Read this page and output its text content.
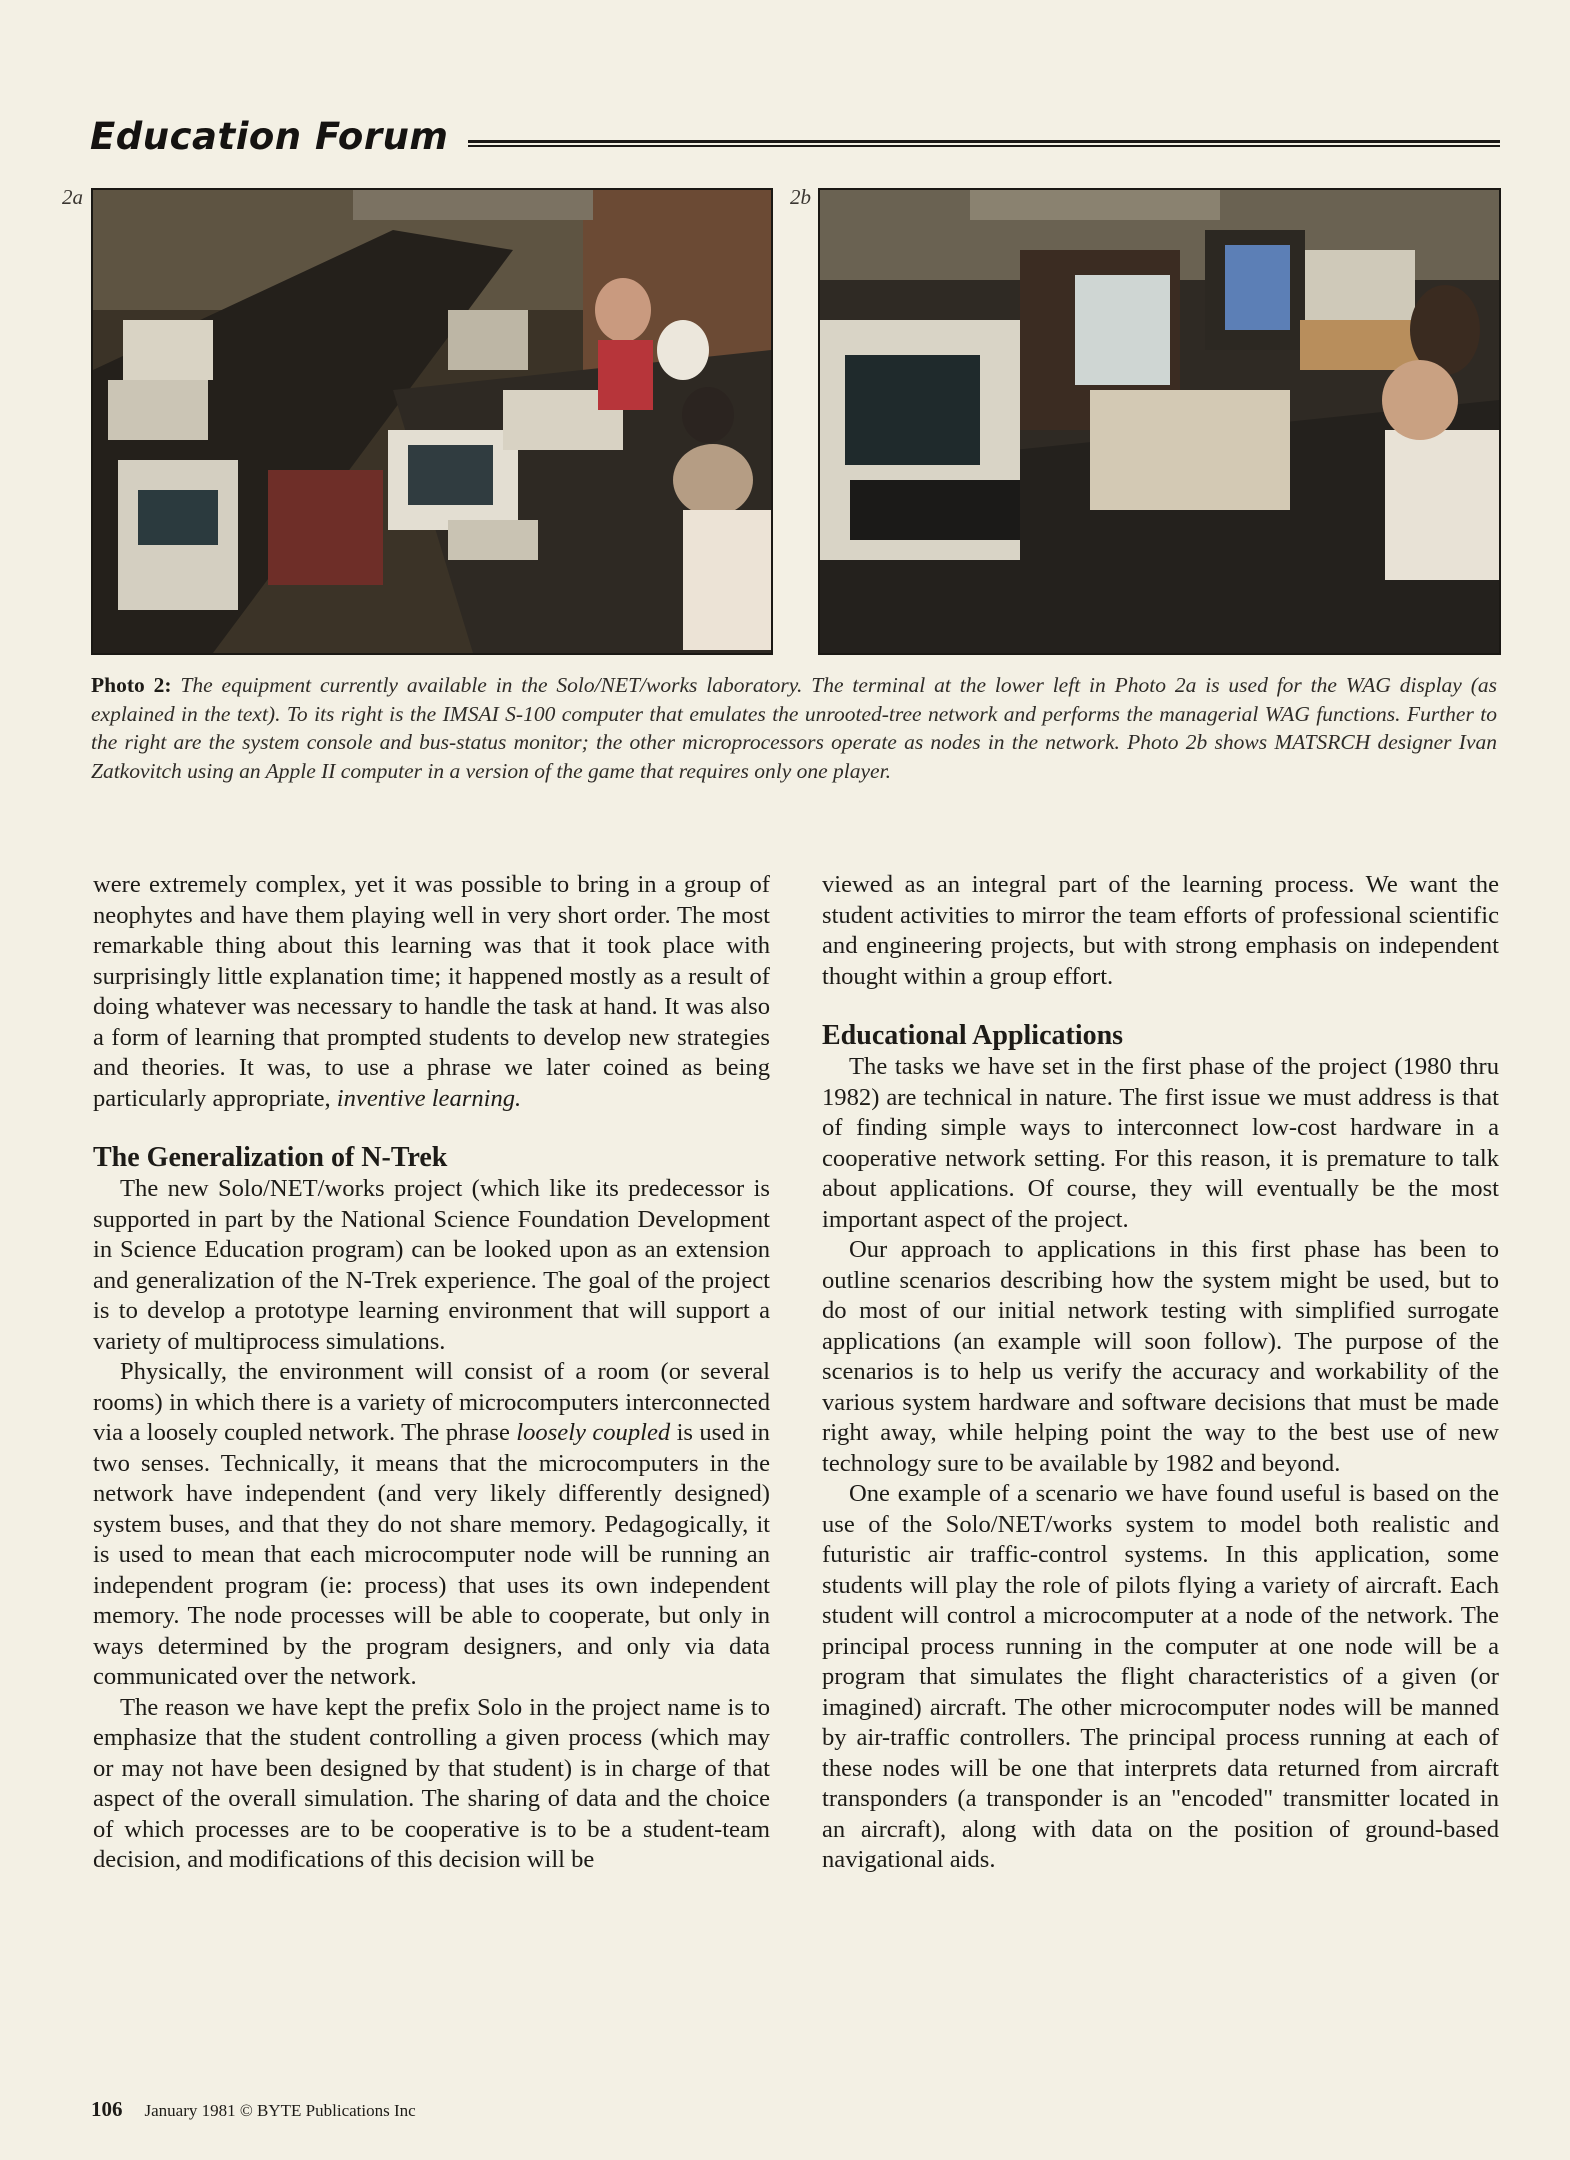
Education Forum
2a	2b
Photo 2: The equipment currently available in the Solo/NET/works laboratory. The terminal at the lower left in Photo 2a is used for the WAG display (as explained in the text). To its right is the IMSAI S-100 computer that emulates the unrooted-tree network and performs the managerial WAG functions. Further to the right are the system console and bus-status monitor; the other microprocessors operate as nodes in the network. Photo 2b shows MATSRCH designer Ivan Zatkovitch using an Apple II computer in a version of the game that requires only one player.

were extremely complex, yet it was possible to bring in a group of neophytes and have them playing well in very short order. The most remarkable thing about this learning was that it took place with surprisingly little explanation time; it happened mostly as a result of doing whatever was necessary to handle the task at hand. It was also a form of learning that prompted students to develop new strategies and theories. It was, to use a phrase we later coined as being particularly appropriate, inventive learning.

The Generalization of N-Trek

The new Solo/NET/works project (which like its predecessor is supported in part by the National Science Foundation Development in Science Education program) can be looked upon as an extension and generalization of the N-Trek experience. The goal of the project is to develop a prototype learning environment that will support a variety of multiprocess simulations.

Physically, the environment will consist of a room (or several rooms) in which there is a variety of microcomputers interconnected via a loosely coupled network. The phrase loosely coupled is used in two senses. Technically, it means that the microcomputers in the network have independent (and very likely differently designed) system buses, and that they do not share memory. Pedagogically, it is used to mean that each microcomputer node will be running an independent program (ie: process) that uses its own independent memory. The node processes will be able to cooperate, but only in ways determined by the program designers, and only via data communicated over the network.

The reason we have kept the prefix Solo in the project name is to emphasize that the student controlling a given process (which may or may not have been designed by that student) is in charge of that aspect of the overall simulation. The sharing of data and the choice of which processes are to be cooperative is to be a student-team decision, and modifications of this decision will be

viewed as an integral part of the learning process. We want the student activities to mirror the team efforts of professional scientific and engineering projects, but with strong emphasis on independent thought within a group effort.

Educational Applications

The tasks we have set in the first phase of the project (1980 thru 1982) are technical in nature. The first issue we must address is that of finding simple ways to interconnect low-cost hardware in a cooperative network setting. For this reason, it is premature to talk about applications. Of course, they will eventually be the most important aspect of the project.

Our approach to applications in this first phase has been to outline scenarios describing how the system might be used, but to do most of our initial network testing with simplified surrogate applications (an example will soon follow). The purpose of the scenarios is to help us verify the accuracy and workability of the various system hardware and software decisions that must be made right away, while helping point the way to the best use of new technology sure to be available by 1982 and beyond.

One example of a scenario we have found useful is based on the use of the Solo/NET/works system to model both realistic and futuristic air traffic-control systems. In this application, some students will play the role of pilots flying a variety of aircraft. Each student will control a microcomputer at a node of the network. The principal process running in the computer at one node will be a program that simulates the flight characteristics of a given (or imagined) aircraft. The other microcomputer nodes will be manned by air-traffic controllers. The principal process running at each of these nodes will be one that interprets data returned from aircraft transponders (a transponder is an "encoded" transmitter located in an aircraft), along with data on the position of ground-based navigational aids.

106 January 1981 © BYTE Publications Inc
